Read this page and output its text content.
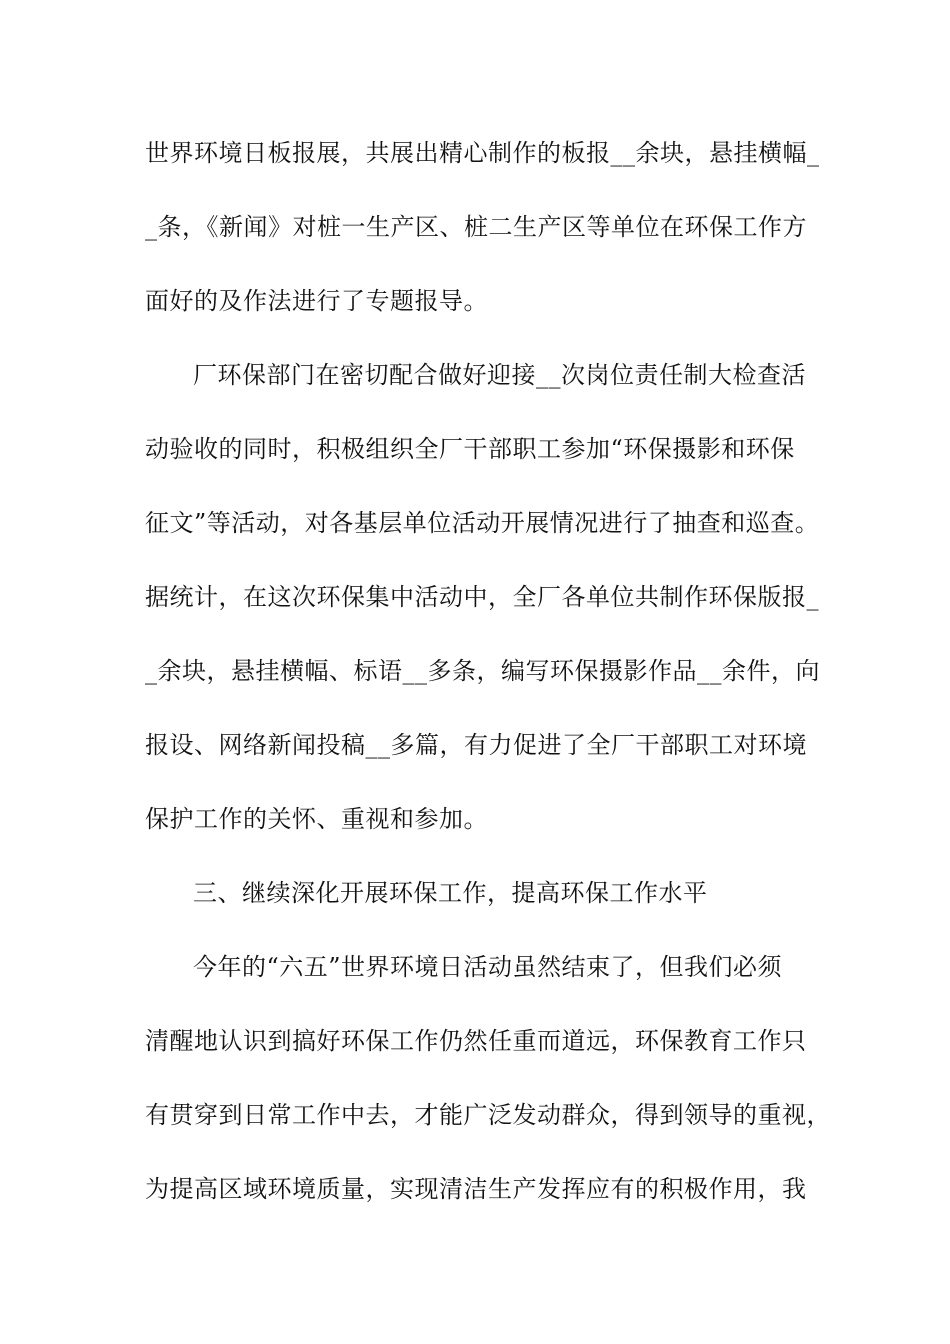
世界环境日板报展，共展出精心制作的板报__余块，悬挂横幅_

_条，《新闻》对桩一生产区、桩二生产区等单位在环保工作方

面好的及作法进行了专题报导。

厂环保部门在密切配合做好迎接__次岗位责任制大检查活

动验收的同时，积极组织全厂干部职工参加“环保摄影和环保

征文”等活动，对各基层单位活动开展情况进行了抽查和巡查。

据统计，在这次环保集中活动中，全厂各单位共制作环保版报_

_余块，悬挂横幅、标语__多条，编写环保摄影作品__余件，向

报设、网络新闻投稿__多篇，有力促进了全厂干部职工对环境

保护工作的关怀、重视和参加。

三、继续深化开展环保工作，提高环保工作水平

今年的“六五”世界环境日活动虽然结束了，但我们必须

清醒地认识到搞好环保工作仍然任重而道远，环保教育工作只

有贯穿到日常工作中去，才能广泛发动群众，得到领导的重视，

为提高区域环境质量，实现清洁生产发挥应有的积极作用，我
